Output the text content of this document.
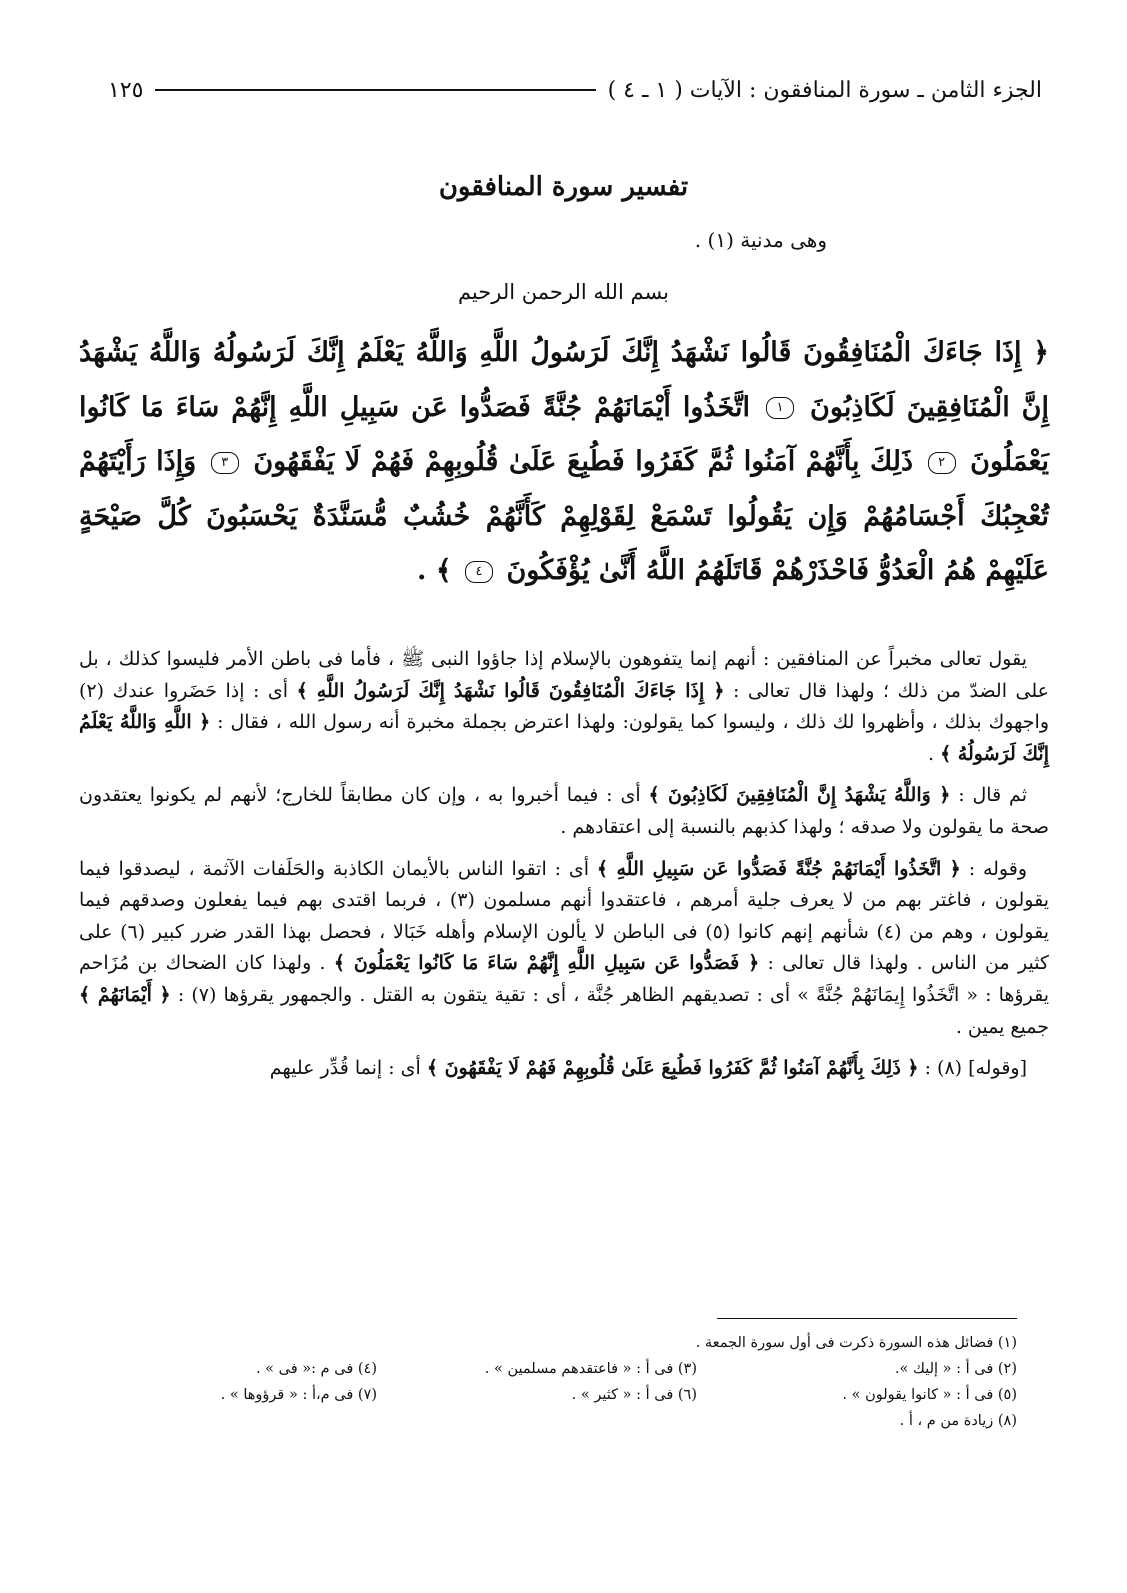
الجزء الثامن ـ سورة المنافقون : الآيات ( ١ ـ ٤ )
١٢٥
تفسير سورة المنافقون
وهى مدنية (١) .
بسم الله الرحمن الرحيم
﴿ إِذَا جَاءَكَ الْمُنَافِقُونَ قَالُوا نَشْهَدُ إِنَّكَ لَرَسُولُ اللَّهِ وَاللَّهُ يَعْلَمُ إِنَّكَ لَرَسُولُهُ وَاللَّهُ يَشْهَدُ إِنَّ الْمُنَافِقِينَ لَكَاذِبُونَ ١ اتَّخَذُوا أَيْمَانَهُمْ جُنَّةً فَصَدُّوا عَن سَبِيلِ اللَّهِ إِنَّهُمْ سَاءَ مَا كَانُوا يَعْمَلُونَ ٢ ذَلِكَ بِأَنَّهُمْ آمَنُوا ثُمَّ كَفَرُوا فَطُبِعَ عَلَىٰ قُلُوبِهِمْ فَهُمْ لَا يَفْقَهُونَ ٣ وَإِذَا رَأَيْتَهُمْ تُعْجِبُكَ أَجْسَامُهُمْ وَإِن يَقُولُوا تَسْمَعْ لِقَوْلِهِمْ كَأَنَّهُمْ خُشُبٌ مُّسَنَّدَةٌ يَحْسَبُونَ كُلَّ صَيْحَةٍ عَلَيْهِمْ هُمُ الْعَدُوُّ فَاحْذَرْهُمْ قَاتَلَهُمُ اللَّهُ أَنَّىٰ يُؤْفَكُونَ ٤ ﴾ .

يقول تعالى مخبراً عن المنافقين : أنهم إنما يتفوهون بالإسلام إذا جاؤوا النبى ﷺ ، فأما فى باطن الأمر فليسوا كذلك ، بل على الضدّ من ذلك ؛ ولهذا قال تعالى : ﴿ إِذَا جَاءَكَ الْمُنَافِقُونَ قَالُوا نَشْهَدُ إِنَّكَ لَرَسُولُ اللَّهِ ﴾ أى : إذا حَضَروا عندك (٢) واجهوك بذلك ، وأظهروا لك ذلك ، وليسوا كما يقولون: ولهذا اعترض بجملة مخبرة أنه رسول الله ، فقال : ﴿ اللَّهِ وَاللَّهُ يَعْلَمُ إِنَّكَ لَرَسُولُهُ ﴾ .

ثم قال : ﴿ وَاللَّهُ يَشْهَدُ إِنَّ الْمُنَافِقِينَ لَكَاذِبُونَ ﴾ أى : فيما أخبروا به ، وإن كان مطابقاً للخارج؛ لأنهم لم يكونوا يعتقدون صحة ما يقولون ولا صدقه ؛ ولهذا كذبهم بالنسبة إلى اعتقادهم .

وقوله : ﴿ اتَّخَذُوا أَيْمَانَهُمْ جُنَّةً فَصَدُّوا عَن سَبِيلِ اللَّهِ ﴾ أى : اتقوا الناس بالأيمان الكاذبة والحَلَفات الآثمة ، ليصدقوا فيما يقولون ، فاغتر بهم من لا يعرف جلية أمرهم ، فاعتقدوا أنهم مسلمون (٣) ، فربما اقتدى بهم فيما يفعلون وصدقهم فيما يقولون ، وهم من (٤) شأنهم إنهم كانوا (٥) فى الباطن لا يألون الإسلام وأهله خَبَالا ، فحصل بهذا القدر ضرر كبير (٦) على كثير من الناس . ولهذا قال تعالى : ﴿ فَصَدُّوا عَن سَبِيلِ اللَّهِ إِنَّهُمْ سَاءَ مَا كَانُوا يَعْمَلُونَ ﴾ . ولهذا كان الضحاك بن مُزَاحم يقرؤها : « اتَّخَذُوا إِيمَانَهُمْ جُنَّةً » أى : تصديقهم الظاهر جُنَّة ، أى : تقية يتقون به القتل . والجمهور يقرؤها (٧) : ﴿ أَيْمَانَهُمْ ﴾ جميع يمين .

[وقوله] (٨) : ﴿ ذَلِكَ بِأَنَّهُمْ آمَنُوا ثُمَّ كَفَرُوا فَطُبِعَ عَلَىٰ قُلُوبِهِمْ فَهُمْ لَا يَفْقَهُونَ ﴾ أى : إنما قُدِّر عليهم

(١) فضائل هذه السورة ذكرت فى أول سورة الجمعة .
(٢) فى أ : « إليك ».
(٣) فى أ : « فاعتقدهم مسلمين » .
(٤) فى م :« فى » .
(٥) فى أ : « كانوا يقولون » .
(٦) فى أ : « كثير » .
(٧) فى م،أ : « قرؤوها » .
(٨) زيادة من م ، أ .
